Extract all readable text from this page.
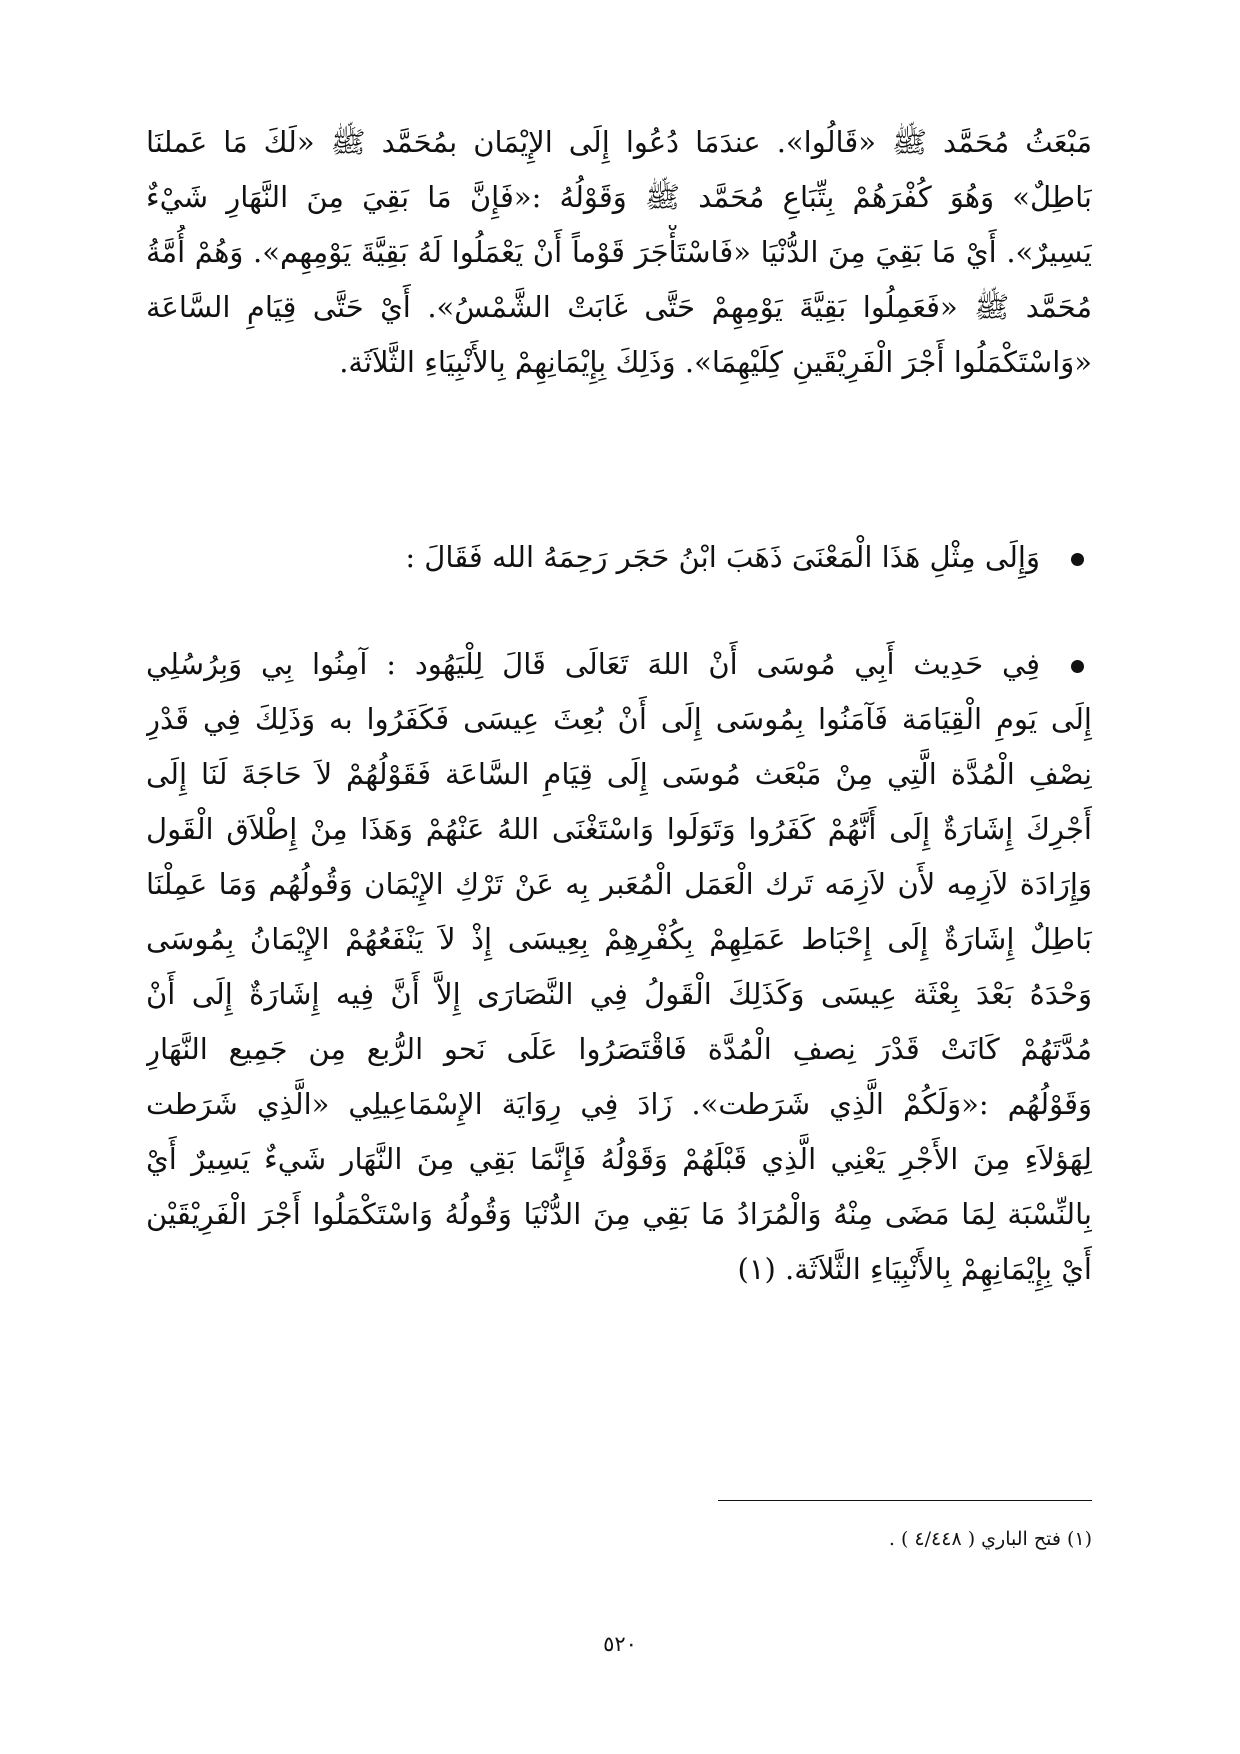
مَبْعَثُ مُحَمَّد ﷺ «قَالُوا». عندَمَا دُعُوا إِلَى الإِيْمَان بمُحَمَّد ﷺ «لَكَ مَا عَملنَا
بَاطِلٌ» وَهُوَ كُفْرَهُمْ بِتِّبَاعِ مُحَمَّد ﷺ وَقَوْلُهُ :«فَإِنَّ مَا بَقِيَ مِنَ النَّهَارِ شَيْءٌ
يَسِيرٌ». أَيْ مَا بَقِيَ مِنَ الدُّنْيَا «فَاسْتَأْجَرَ قَوْماً أَنْ يَعْمَلُوا لَهُ بَقِيَّةَ يَوْمِهِم». وَهُمْ أُمَّةُ
مُحَمَّد ﷺ «فَعَمِلُوا بَقِيَّةَ يَوْمِهِمْ حَتَّى غَابَتْ الشَّمْسُ». أَيْ حَتَّى قِيَامِ السَّاعَة
«وَاسْتَكْمَلُوا أَجْرَ الْفَرِيْقَينِ كِلَيْهِمَا». وَذَلِكَ بِإِيْمَانِهِمْ بِالأَنْبِيَاءِ الثَّلاَثَة.
وَإِلَى مِثْلِ هَذَا الْمَعْنَىَ ذَهَبَ ابْنُ حَجَر رَحِمَهُ الله فَقَالَ :
فِي حَدِيث أَبِي مُوسَى أَنْ اللهَ تَعَالَى قَالَ لِلْيَهُود : آمِنُوا بِي وَبِرُسُلِي
إِلَى يَومِ الْقِيَامَة فَآمَنُوا بِمُوسَى إِلَى أَنْ بُعِثَ عِيسَى فَكَفَرُوا به وَذَلِكَ فِي قَدْرِ
نِصْفِ الْمُدَّة الَّتِي مِنْ مَبْعَث مُوسَى إِلَى قِيَامِ السَّاعَة فَقَوْلُهُمْ لاَ حَاجَةَ لَنَا إِلَى
أَجْرِكَ إِشَارَةٌ إِلَى أَنَّهُمْ كَفَرُوا وَتَوَلَوا وَاسْتَغْنَى اللهُ عَنْهُمْ وَهَذَا مِنْ إِطْلاَق الْقَول
وَإِرَادَة لاَزِمِه لأَن لاَزِمَه تَرك الْعَمَل الْمُعَبر بِه عَنْ تَرْكِ الإِيْمَان وَقُولُهُم وَمَا عَمِلْنَا
بَاطِلٌ إِشَارَةٌ إِلَى إِحْبَاط عَمَلِهِمْ بِكُفْرِهِمْ بِعِيسَى إِذْ لاَ يَنْفَعُهُمْ الإِيْمَانُ بِمُوسَى
وَحْدَهُ بَعْدَ بِعْثَة عِيسَى وَكَذَلِكَ الْقَولُ فِي النَّصَارَى إِلاَّ أَنَّ فِيه إِشَارَةٌ إِلَى أَنْ
مُدَّتَهُمْ كَانَتْ قَدْرَ نِصفِ الْمُدَّة فَاقْتَصَرُوا عَلَى نَحو الرُّبع مِن جَمِيع النَّهَارِ
وَقَوْلُهُم :«وَلَكُمْ الَّذِي شَرَطت». زَادَ فِي رِوَايَة الإِسْمَاعِيلِي «الَّذِي شَرَطت
لِهَؤلاَءِ مِنَ الأَجْرِ يَعْنِي الَّذِي قَبْلَهُمْ وَقَوْلُهُ فَإِنَّمَا بَقِي مِنَ النَّهَار شَيءٌ يَسِيرٌ أَيْ
بِالنِّسْبَة لِمَا مَضَى مِنْهُ وَالْمُرَادُ مَا بَقِي مِنَ الدُّنْيَا وَقُولُهُ وَاسْتَكْمَلُوا أَجْرَ الْفَرِيْقَيْن
أَيْ بِإِيْمَانِهِمْ بِالأَنْبِيَاءِ الثَّلاَثَة. (١)
(١) فتح الباري ( ٤/٤٤٨ ) .
٥٢٠
